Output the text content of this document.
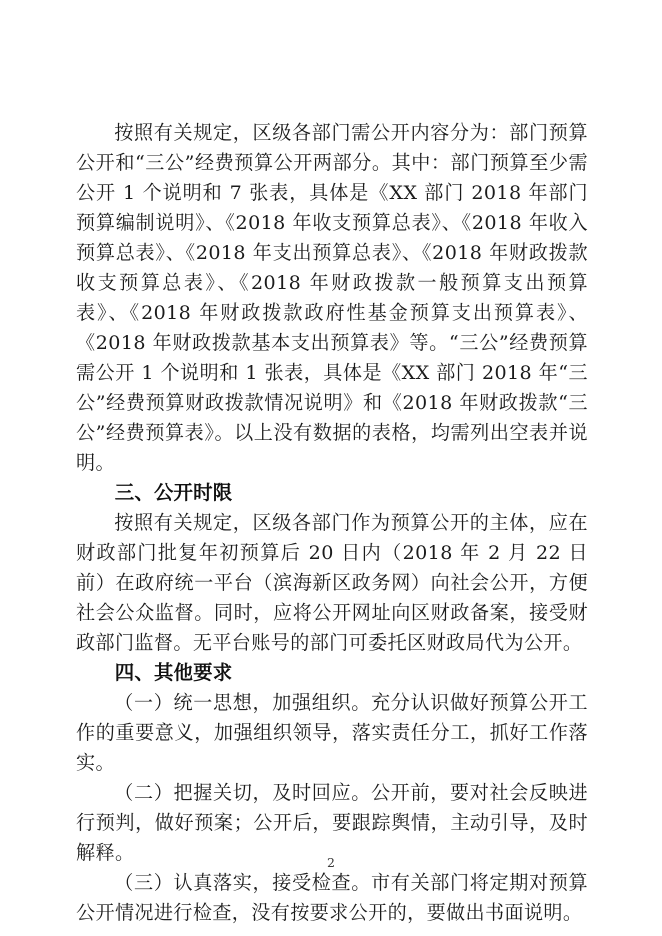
按照有关规定，区级各部门需公开内容分为：部门预算公开和“三公”经费预算公开两部分。其中：部门预算至少需公开 1 个说明和 7 张表，具体是《XX 部门 2018 年部门预算编制说明》、《2018 年收支预算总表》、《2018 年收入预算总表》、《2018 年支出预算总表》、《2018 年财政拨款收支预算总表》、《2018 年财政拨款一般预算支出预算表》、《2018 年财政拨款政府性基金预算支出预算表》、《2018 年财政拨款基本支出预算表》等。“三公”经费预算需公开 1 个说明和 1 张表，具体是《XX 部门 2018 年“三公”经费预算财政拨款情况说明》和《2018 年财政拨款“三公”经费预算表》。以上没有数据的表格，均需列出空表并说明。

三、公开时限

按照有关规定，区级各部门作为预算公开的主体，应在财政部门批复年初预算后 20 日内（2018 年 2 月 22 日前）在政府统一平台（滨海新区政务网）向社会公开，方便社会公众监督。同时，应将公开网址向区财政备案，接受财政部门监督。无平台账号的部门可委托区财政局代为公开。

四、其他要求

（一）统一思想，加强组织。充分认识做好预算公开工作的重要意义，加强组织领导，落实责任分工，抓好工作落实。

（二）把握关切，及时回应。公开前，要对社会反映进行预判，做好预案；公开后，要跟踪舆情，主动引导，及时解释。

（三）认真落实，接受检查。市有关部门将定期对预算公开情况进行检查，没有按要求公开的，要做出书面说明。

2
